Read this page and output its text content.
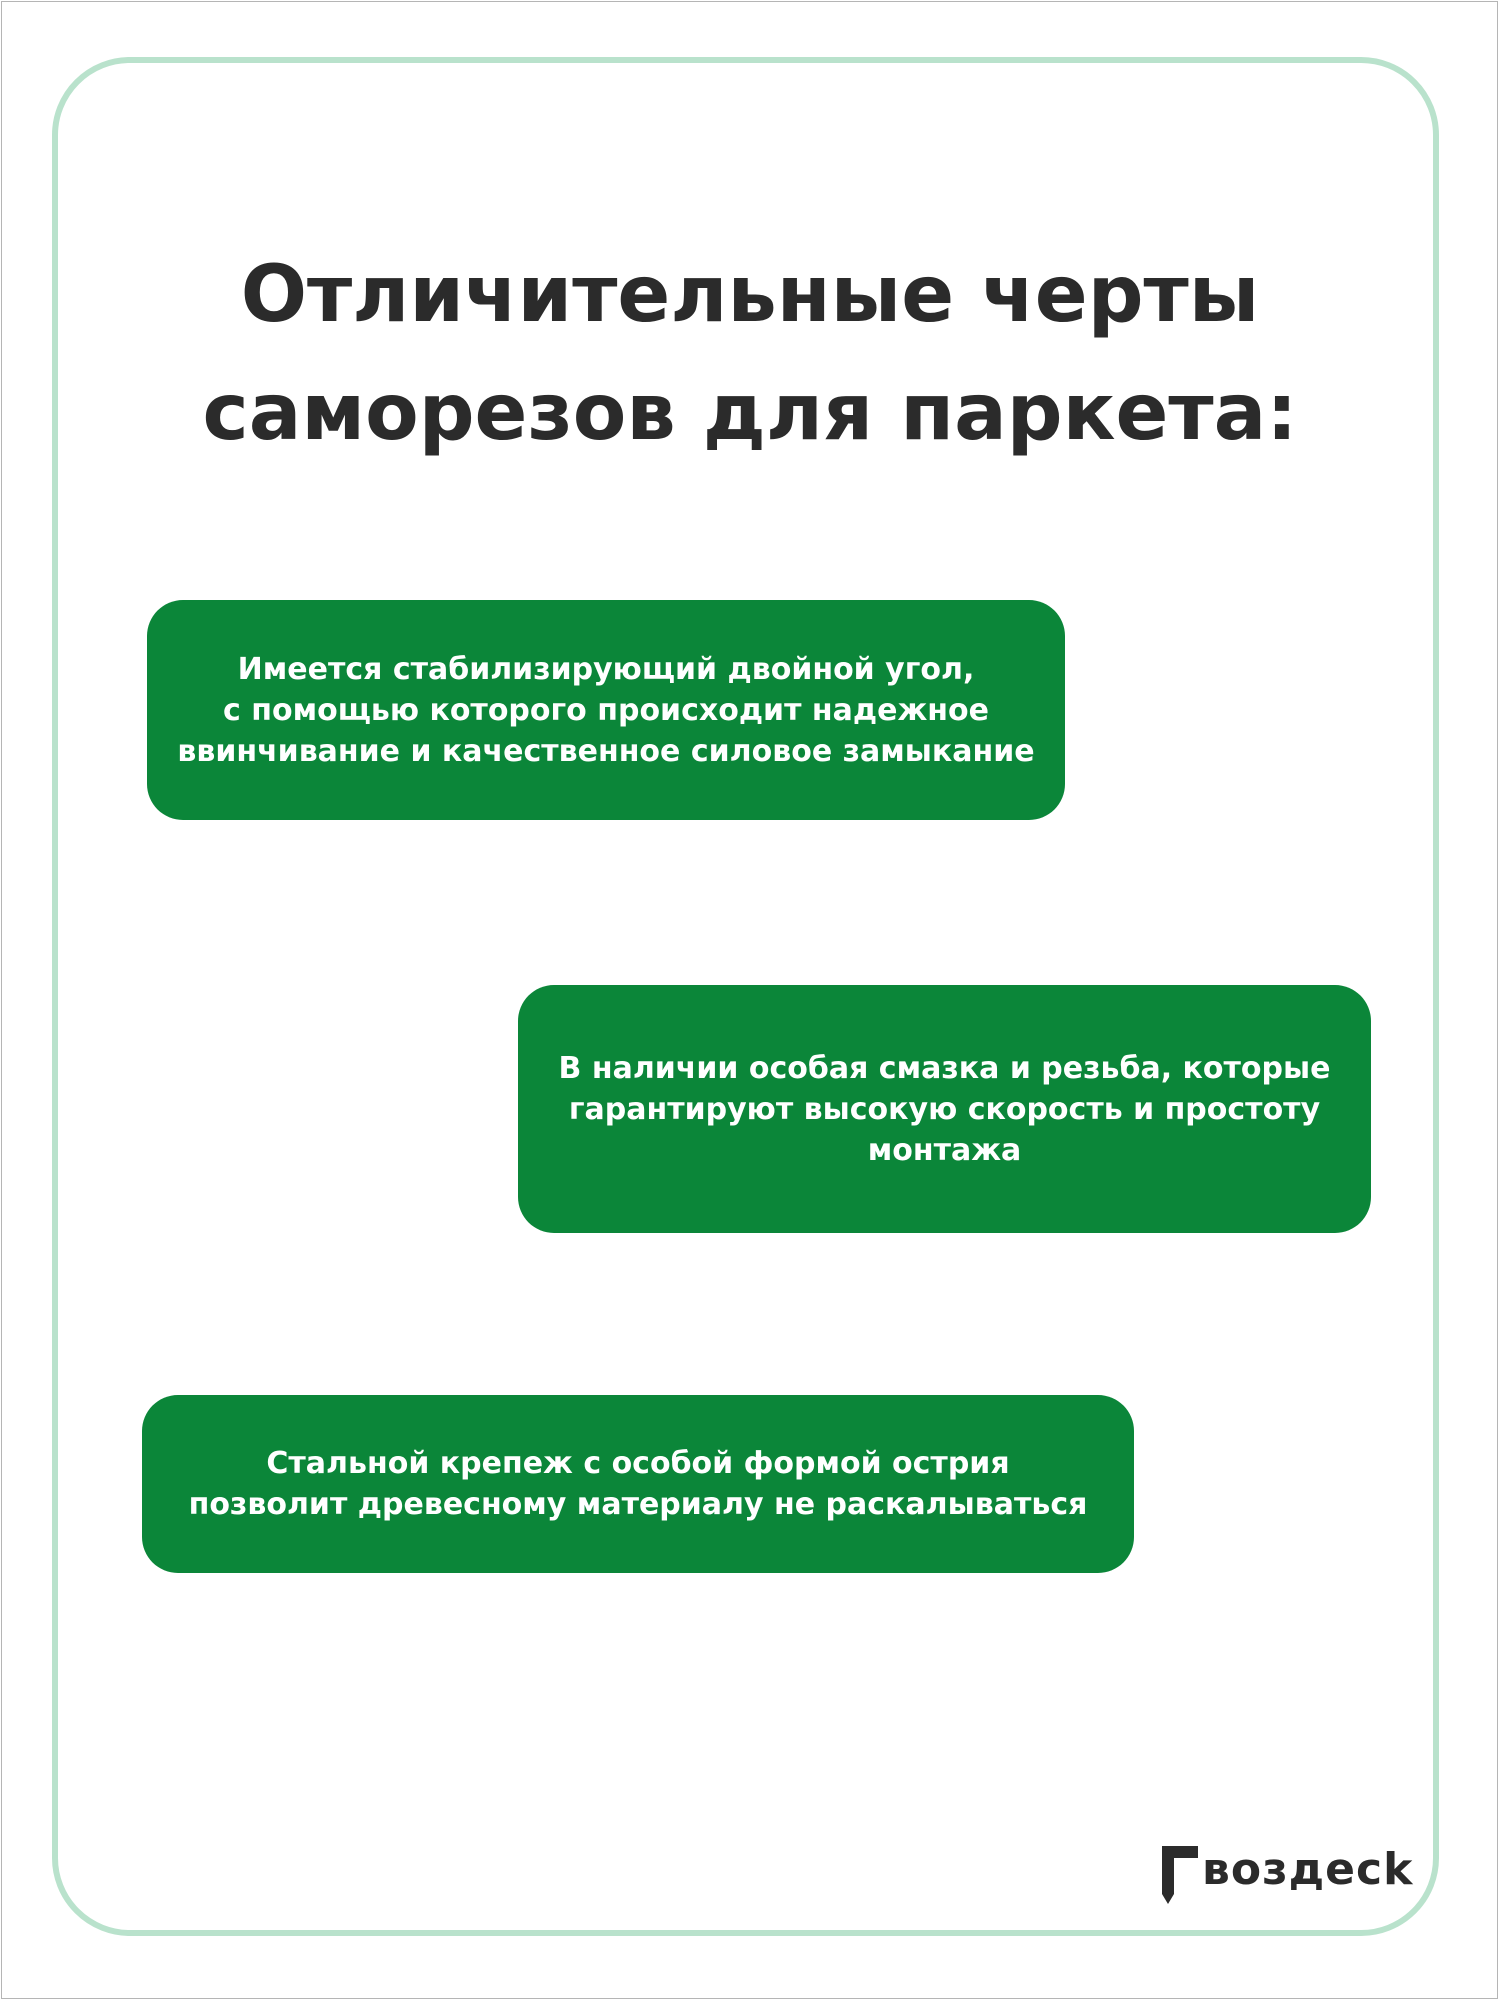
Отличительные черты
саморезов для паркета:
Имеется стабилизирующий двойной угол,
с помощью которого происходит надежное
ввинчивание и качественное силовое замыкание
В наличии особая смазка и резьба, которые
гарантируют высокую скорость и простоту
монтажа
Стальной крепеж с особой формой острия
позволит древесному материалу не раскалываться
воздеck
